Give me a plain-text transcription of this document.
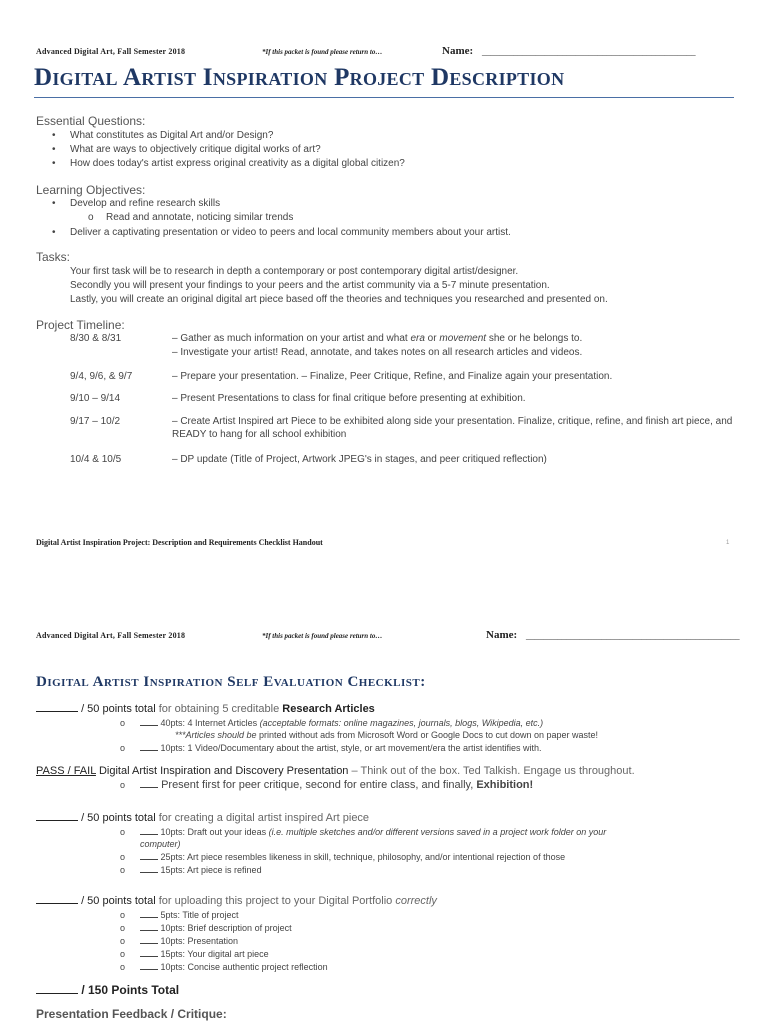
Advanced Digital Art, Fall Semester 2018	*If this packet is found please return to…	Name: ________________________________________________
Digital Artist Inspiration Project Description
Essential Questions:
• What constitutes as Digital Art and/or Design?
• What are ways to objectively critique digital works of art?
• How does today's artist express original creativity as a digital global citizen?
Learning Objectives:
• Develop and refine research skills
o Read and annotate, noticing similar trends
• Deliver a captivating presentation or video to peers and local community members about your artist.
Tasks:
Your first task will be to research in depth a contemporary or post contemporary digital artist/designer.
Secondly you will present your findings to your peers and the artist community via a 5-7 minute presentation.
Lastly, you will create an original digital art piece based off the theories and techniques you researched and presented on.
Project Timeline:
8/30 & 8/31	– Gather as much information on your artist and what era or movement she or he belongs to.
– Investigate your artist! Read, annotate, and takes notes on all research articles and videos.
9/4, 9/6, & 9/7	– Prepare your presentation. – Finalize, Peer Critique, Refine, and Finalize again your presentation.
9/10 – 9/14	– Present Presentations to class for final critique before presenting at exhibition.
9/17 – 10/2	– Create Artist Inspired art Piece to be exhibited along side your presentation. Finalize, critique, refine, and finish art piece, and READY to hang for all school exhibition
10/4 & 10/5	– DP update (Title of Project, Artwork JPEG's in stages, and peer critiqued reflection)
Digital Artist Inspiration Project: Description and Requirements Checklist Handout	1
Advanced Digital Art, Fall Semester 2018	*If this packet is found please return to…	Name: ________________________________________________
Digital Artist Inspiration Self Evaluation Checklist:
/ 50 points total for obtaining 5 creditable Research Articles
o	40pts: 4 Internet Articles (acceptable formats: online magazines, journals, blogs, Wikipedia, etc.)
***Articles should be printed without ads from Microsoft Word or Google Docs to cut down on paper waste!
o	10pts: 1 Video/Documentary about the artist, style, or art movement/era the artist identifies with.
PASS / FAIL Digital Artist Inspiration and Discovery Presentation – Think out of the box. Ted Talkish. Engage us throughout.
o	Present first for peer critique, second for entire class, and finally, Exhibition!
/ 50 points total for creating a digital artist inspired Art piece
o	10pts: Draft out your ideas (i.e. multiple sketches and/or different versions saved in a project work folder on your
computer)
o	25pts: Art piece resembles likeness in skill, technique, philosophy, and/or intentional rejection of those
o	15pts: Art piece is refined
/ 50 points total for uploading this project to your Digital Portfolio correctly
o	5pts: Title of project
o	10pts: Brief description of project
o	10pts: Presentation
o	15pts: Your digital art piece
o	10pts: Concise authentic project reflection
/ 150 Points Total
Presentation Feedback / Critique:
